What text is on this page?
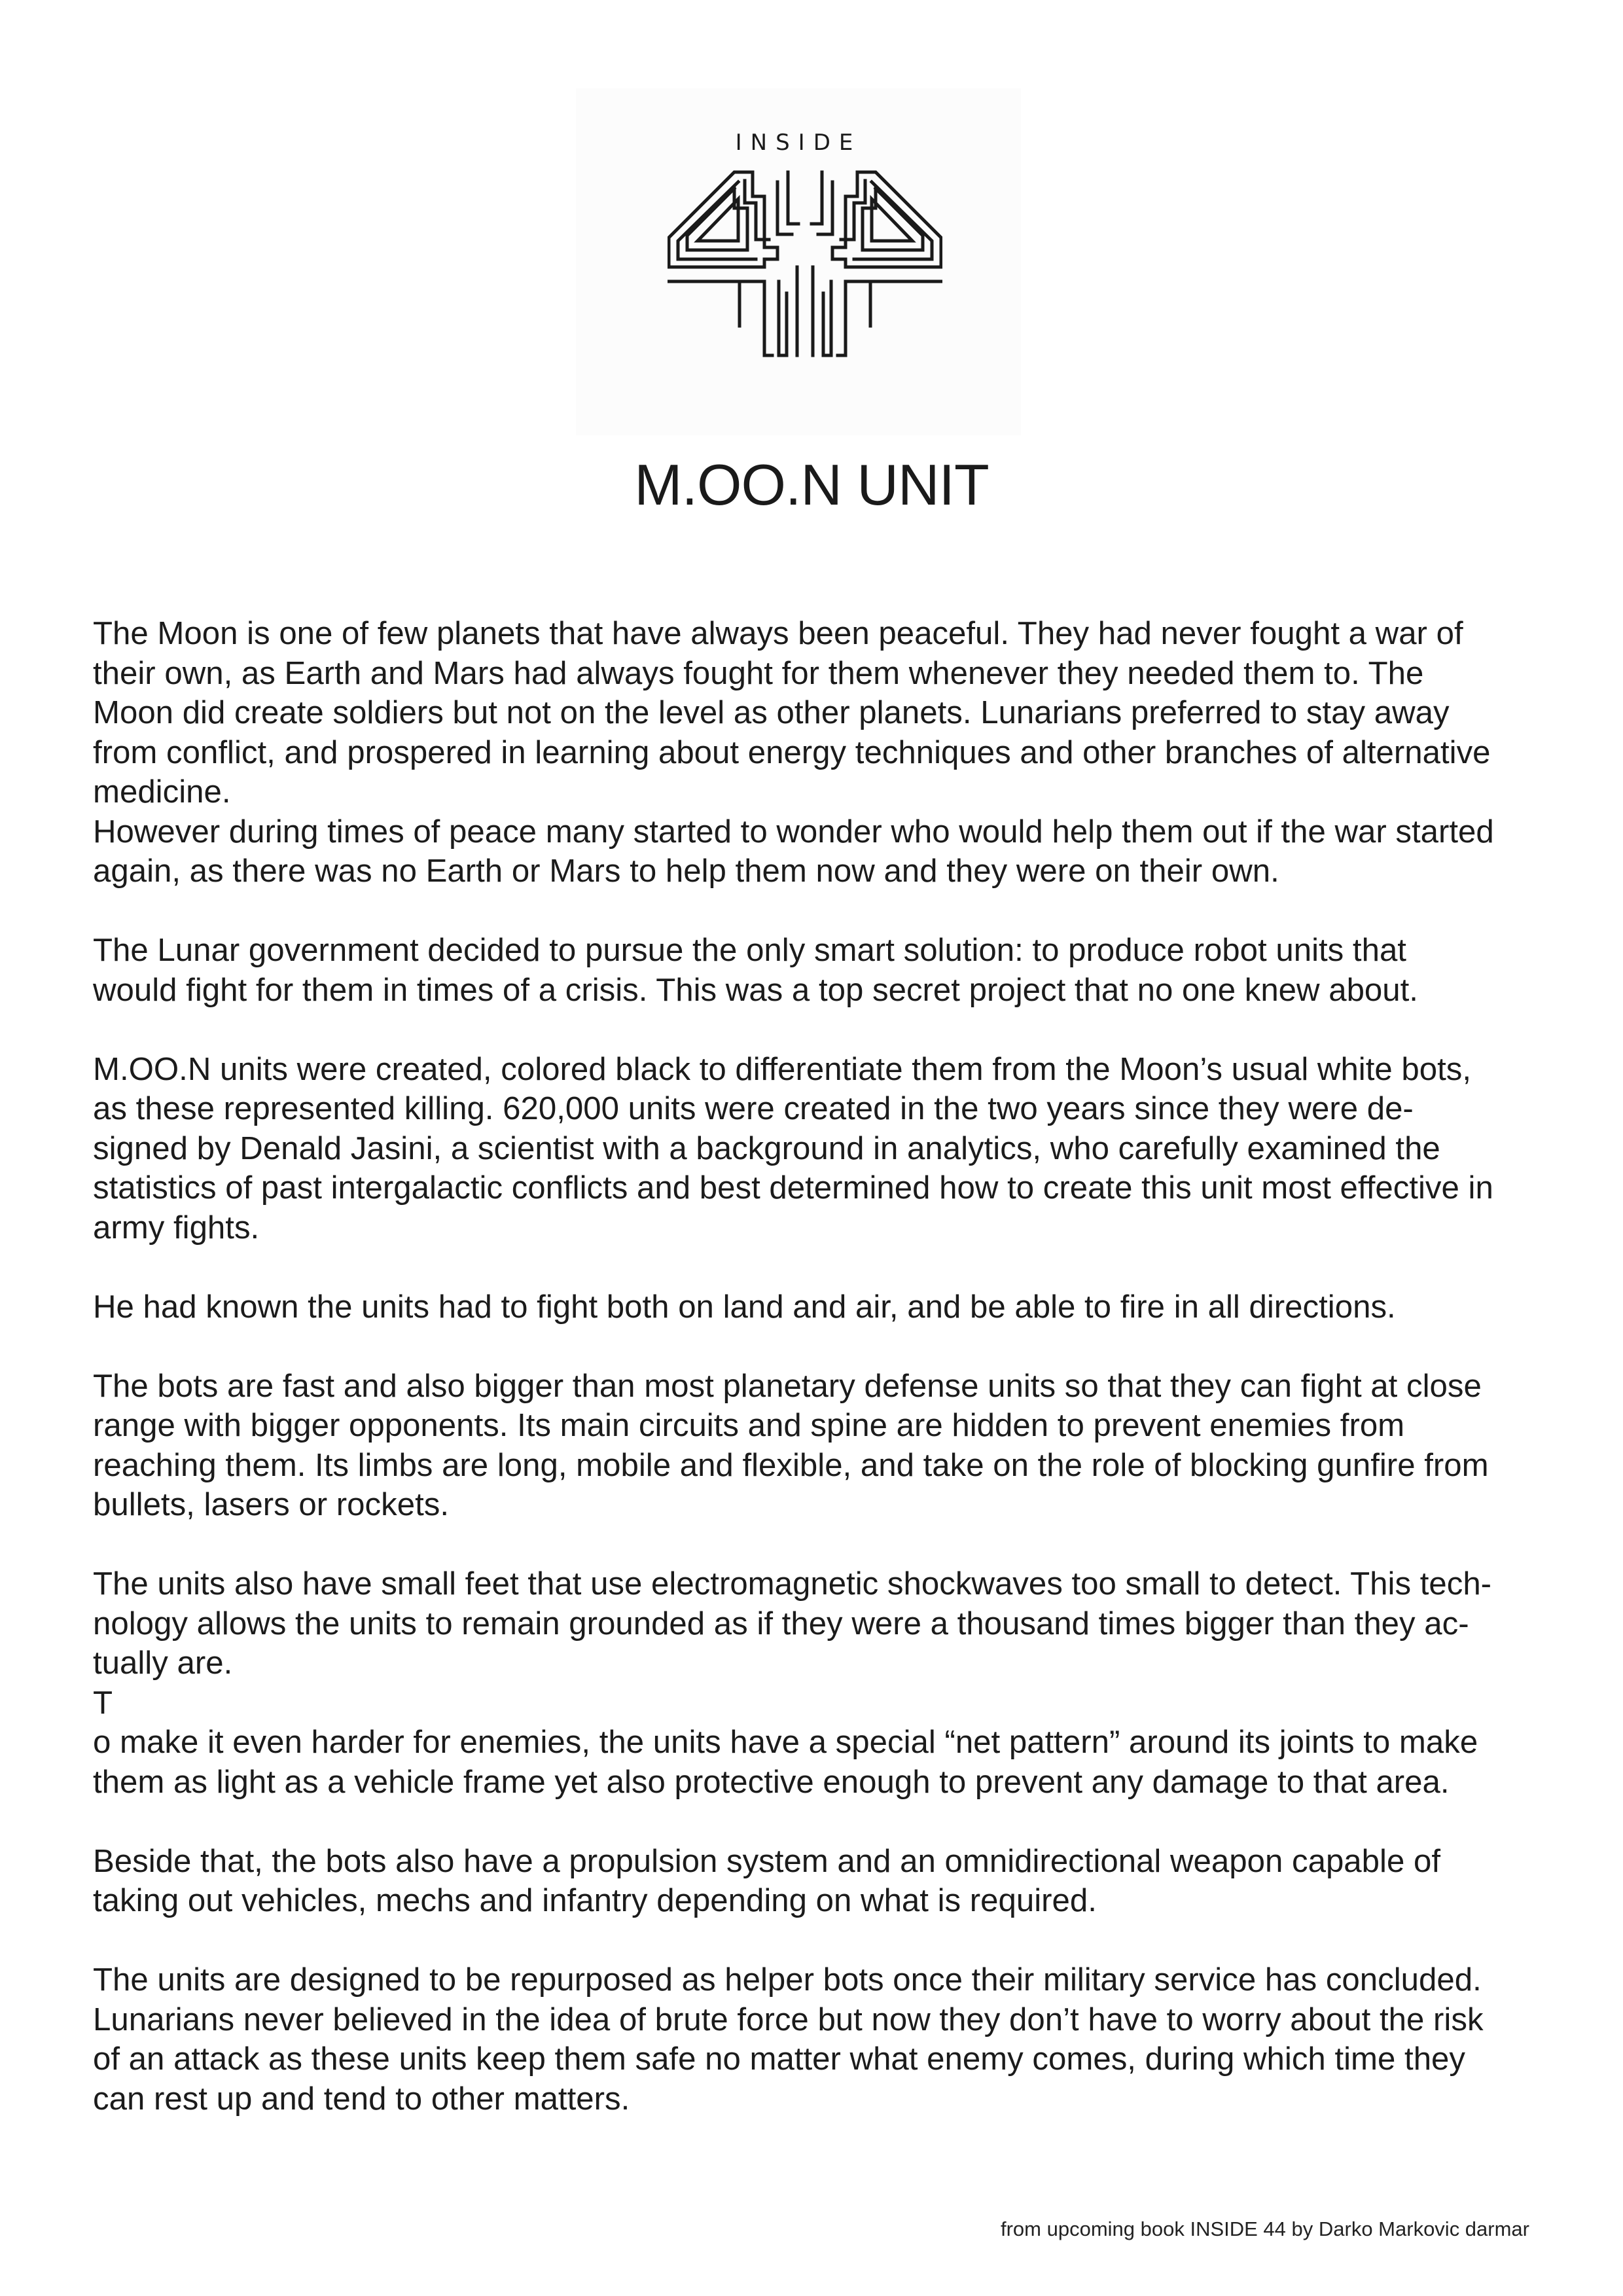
INSIDE
M.OO.N UNIT
The Moon is one of few planets that have always been peaceful. They had never fought a war of
their own, as Earth and Mars had always fought for them whenever they needed them to. The
Moon did create soldiers but not on the level as other planets. Lunarians preferred to stay away
from conflict, and prospered in learning about energy techniques and other branches of alternative
medicine.
However during times of peace many started to wonder who would help them out if the war started
again, as there was no Earth or Mars to help them now and they were on their own.
The Lunar government decided to pursue the only smart solution: to produce robot units that
would fight for them in times of a crisis. This was a top secret project that no one knew about.
M.OO.N units were created, colored black to differentiate them from the Moon’s usual white bots,
as these represented killing. 620,000 units were created in the two years since they were de-
signed by Denald Jasini, a scientist with a background in analytics, who carefully examined the
statistics of past intergalactic conflicts and best determined how to create this unit most effective in
army fights.
He had known the units had to fight both on land and air, and be able to fire in all directions.
The bots are fast and also bigger than most planetary defense units so that they can fight at close
range with bigger opponents. Its main circuits and spine are hidden to prevent enemies from
reaching them. Its limbs are long, mobile and flexible, and take on the role of blocking gunfire from
bullets, lasers or rockets.
The units also have small feet that use electromagnetic shockwaves too small to detect. This tech-
nology allows the units to remain grounded as if they were a thousand times bigger than they ac-
tually are.
T
o make it even harder for enemies, the units have a special “net pattern” around its joints to make
them as light as a vehicle frame yet also protective enough to prevent any damage to that area.
Beside that, the bots also have a propulsion system and an omnidirectional weapon capable of
taking out vehicles, mechs and infantry depending on what is required.
The units are designed to be repurposed as helper bots once their military service has concluded.
Lunarians never believed in the idea of brute force but now they don’t have to worry about the risk
of an attack as these units keep them safe no matter what enemy comes, during which time they
can rest up and tend to other matters.
from upcoming book INSIDE 44 by Darko Markovic darmar
